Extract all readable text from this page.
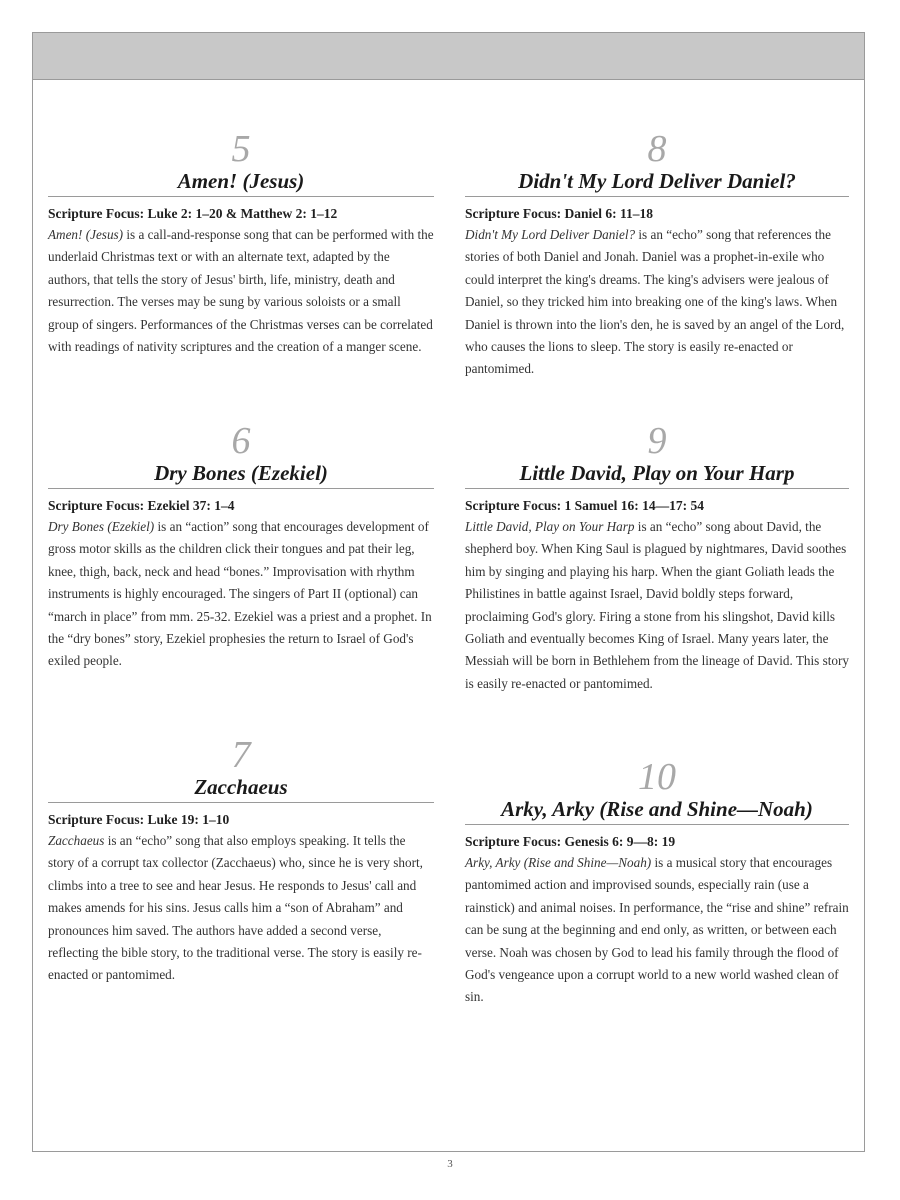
5
Amen! (Jesus)
Scripture Focus: Luke 2: 1–20 & Matthew 2: 1–12
Amen! (Jesus) is a call-and-response song that can be performed with the underlaid Christmas text or with an alternate text, adapted by the authors, that tells the story of Jesus' birth, life, ministry, death and resurrection. The verses may be sung by various soloists or a small group of singers. Performances of the Christmas verses can be correlated with readings of nativity scriptures and the creation of a manger scene.
6
Dry Bones (Ezekiel)
Scripture Focus: Ezekiel 37: 1–4
Dry Bones (Ezekiel) is an “action” song that encourages development of gross motor skills as the children click their tongues and pat their leg, knee, thigh, back, neck and head “bones.” Improvisation with rhythm instruments is highly encouraged. The singers of Part II (optional) can “march in place” from mm. 25-32. Ezekiel was a priest and a prophet. In the “dry bones” story, Ezekiel prophesies the return to Israel of God's exiled people.
7
Zacchaeus
Scripture Focus: Luke 19: 1–10
Zacchaeus is an “echo” song that also employs speaking. It tells the story of a corrupt tax collector (Zacchaeus) who, since he is very short, climbs into a tree to see and hear Jesus. He responds to Jesus' call and makes amends for his sins. Jesus calls him a “son of Abraham” and pronounces him saved. The authors have added a second verse, reflecting the bible story, to the traditional verse. The story is easily re-enacted or pantomimed.
8
Didn't My Lord Deliver Daniel?
Scripture Focus: Daniel 6: 11–18
Didn't My Lord Deliver Daniel? is an “echo” song that references the stories of both Daniel and Jonah. Daniel was a prophet-in-exile who could interpret the king's dreams. The king's advisers were jealous of Daniel, so they tricked him into breaking one of the king's laws. When Daniel is thrown into the lion's den, he is saved by an angel of the Lord, who causes the lions to sleep. The story is easily re-enacted or pantomimed.
9
Little David, Play on Your Harp
Scripture Focus: 1 Samuel 16: 14—17: 54
Little David, Play on Your Harp is an “echo” song about David, the shepherd boy. When King Saul is plagued by nightmares, David soothes him by singing and playing his harp. When the giant Goliath leads the Philistines in battle against Israel, David boldly steps forward, proclaiming God's glory. Firing a stone from his slingshot, David kills Goliath and eventually becomes King of Israel. Many years later, the Messiah will be born in Bethlehem from the lineage of David. This story is easily re-enacted or pantomimed.
10
Arky, Arky (Rise and Shine—Noah)
Scripture Focus: Genesis 6: 9—8: 19
Arky, Arky (Rise and Shine—Noah) is a musical story that encourages pantomimed action and improvised sounds, especially rain (use a rainstick) and animal noises. In performance, the “rise and shine” refrain can be sung at the beginning and end only, as written, or between each verse. Noah was chosen by God to lead his family through the flood of God's vengeance upon a corrupt world to a new world washed clean of sin.
3
